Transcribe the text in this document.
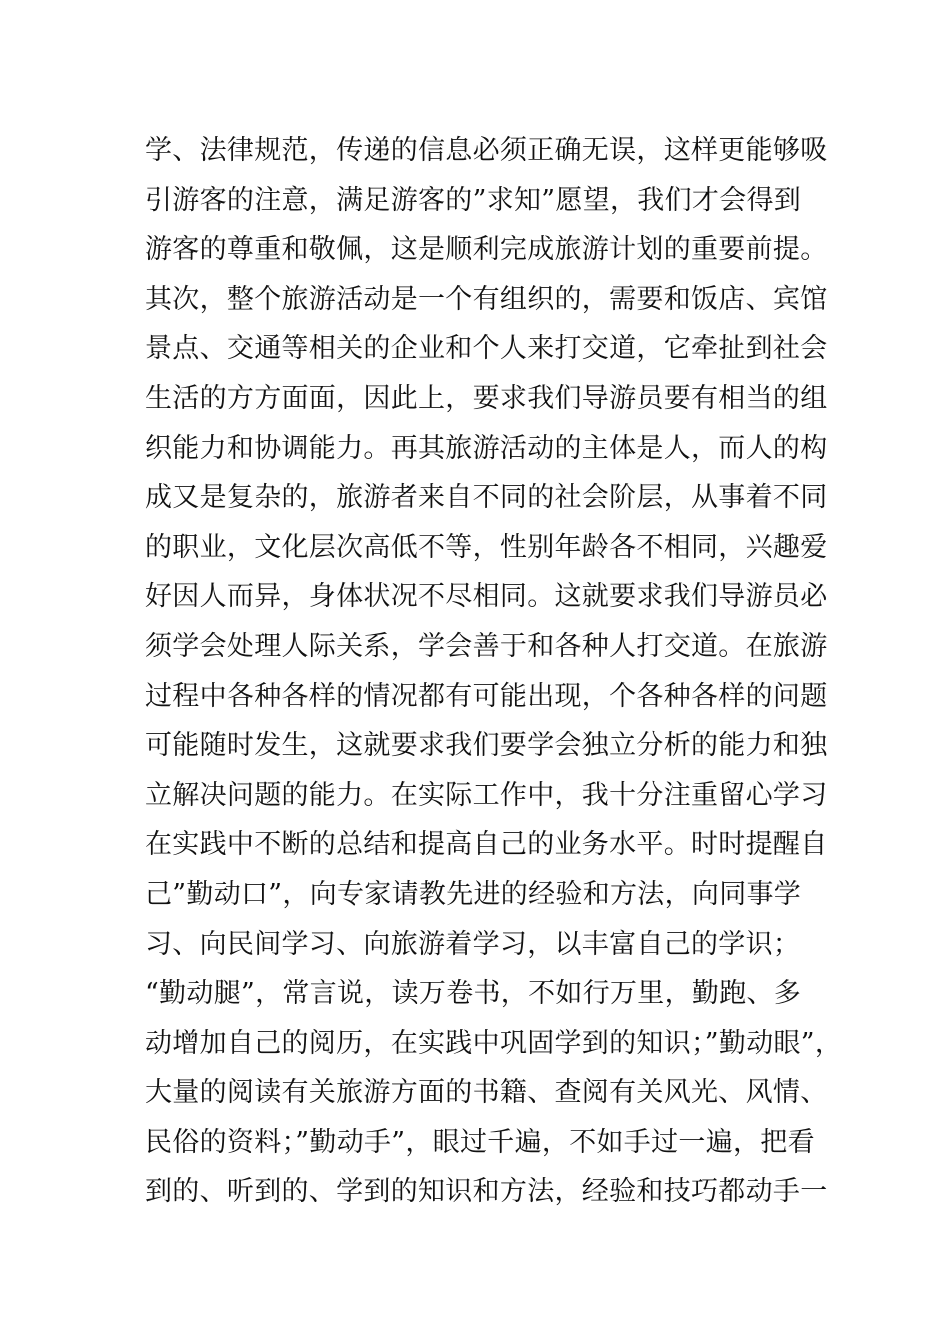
学、法律规范，传递的信息必须正确无误，这样更能够吸
引游客的注意，满足游客的”求知”愿望，我们才会得到
游客的尊重和敬佩，这是顺利完成旅游计划的重要前提。
其次，整个旅游活动是一个有组织的，需要和饭店、宾馆
景点、交通等相关的企业和个人来打交道，它牵扯到社会
生活的方方面面，因此上，要求我们导游员要有相当的组
织能力和协调能力。再其旅游活动的主体是人，而人的构
成又是复杂的，旅游者来自不同的社会阶层，从事着不同
的职业，文化层次高低不等，性别年龄各不相同，兴趣爱
好因人而异，身体状况不尽相同。这就要求我们导游员必
须学会处理人际关系，学会善于和各种人打交道。在旅游
过程中各种各样的情况都有可能出现，个各种各样的问题
可能随时发生，这就要求我们要学会独立分析的能力和独
立解决问题的能力。在实际工作中，我十分注重留心学习
在实践中不断的总结和提高自己的业务水平。时时提醒自
己”勤动口”，向专家请教先进的经验和方法，向同事学
习、向民间学习、向旅游着学习，以丰富自己的学识；
“勤动腿”，常言说，读万卷书，不如行万里，勤跑、多
动增加自己的阅历，在实践中巩固学到的知识；”勤动眼”，
大量的阅读有关旅游方面的书籍、查阅有关风光、风情、
民俗的资料；”勤动手”，眼过千遍，不如手过一遍，把看
到的、听到的、学到的知识和方法，经验和技巧都动手一
